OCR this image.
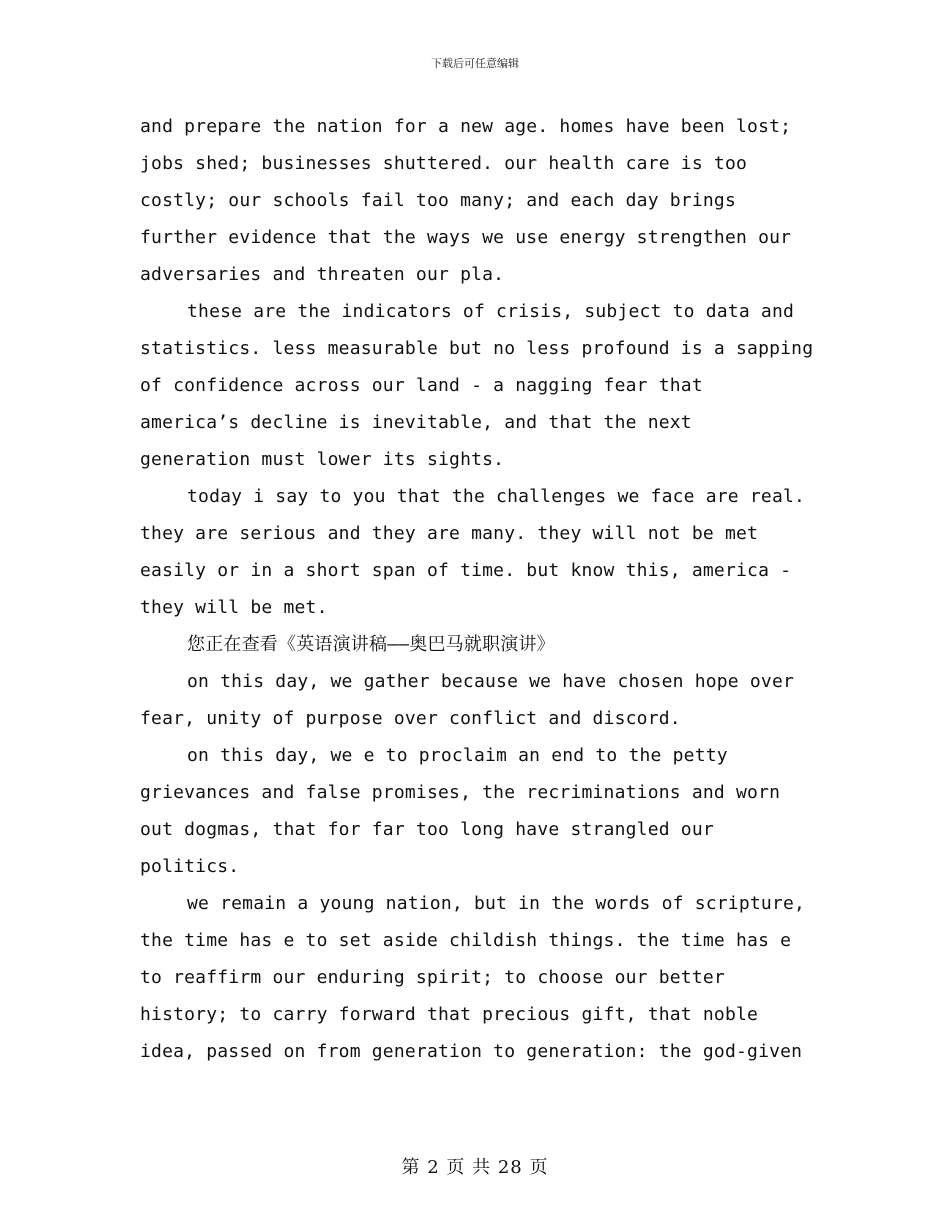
下载后可任意编辑
and prepare the nation for a new age. homes have been lost;
jobs shed; businesses shuttered. our health care is too
costly; our schools fail too many; and each day brings
further evidence that the ways we use energy strengthen our
adversaries and threaten our pla.
these are the indicators of crisis, subject to data and
statistics. less measurable but no less profound is a sapping
of confidence across our land - a nagging fear that
america’s decline is inevitable, and that the next
generation must lower its sights.
today i say to you that the challenges we face are real.
they are serious and they are many. they will not be met
easily or in a short span of time. but know this, america -
they will be met.
您正在查看《英语演讲稿——奥巴马就职演讲》
on this day, we gather because we have chosen hope over
fear, unity of purpose over conflict and discord.
on this day, we e to proclaim an end to the petty
grievances and false promises, the recriminations and worn
out dogmas, that for far too long have strangled our
politics.
we remain a young nation, but in the words of scripture,
the time has e to set aside childish things. the time has e
to reaffirm our enduring spirit; to choose our better
history; to carry forward that precious gift, that noble
idea, passed on from generation to generation: the god-given
第 2 页 共 28 页
